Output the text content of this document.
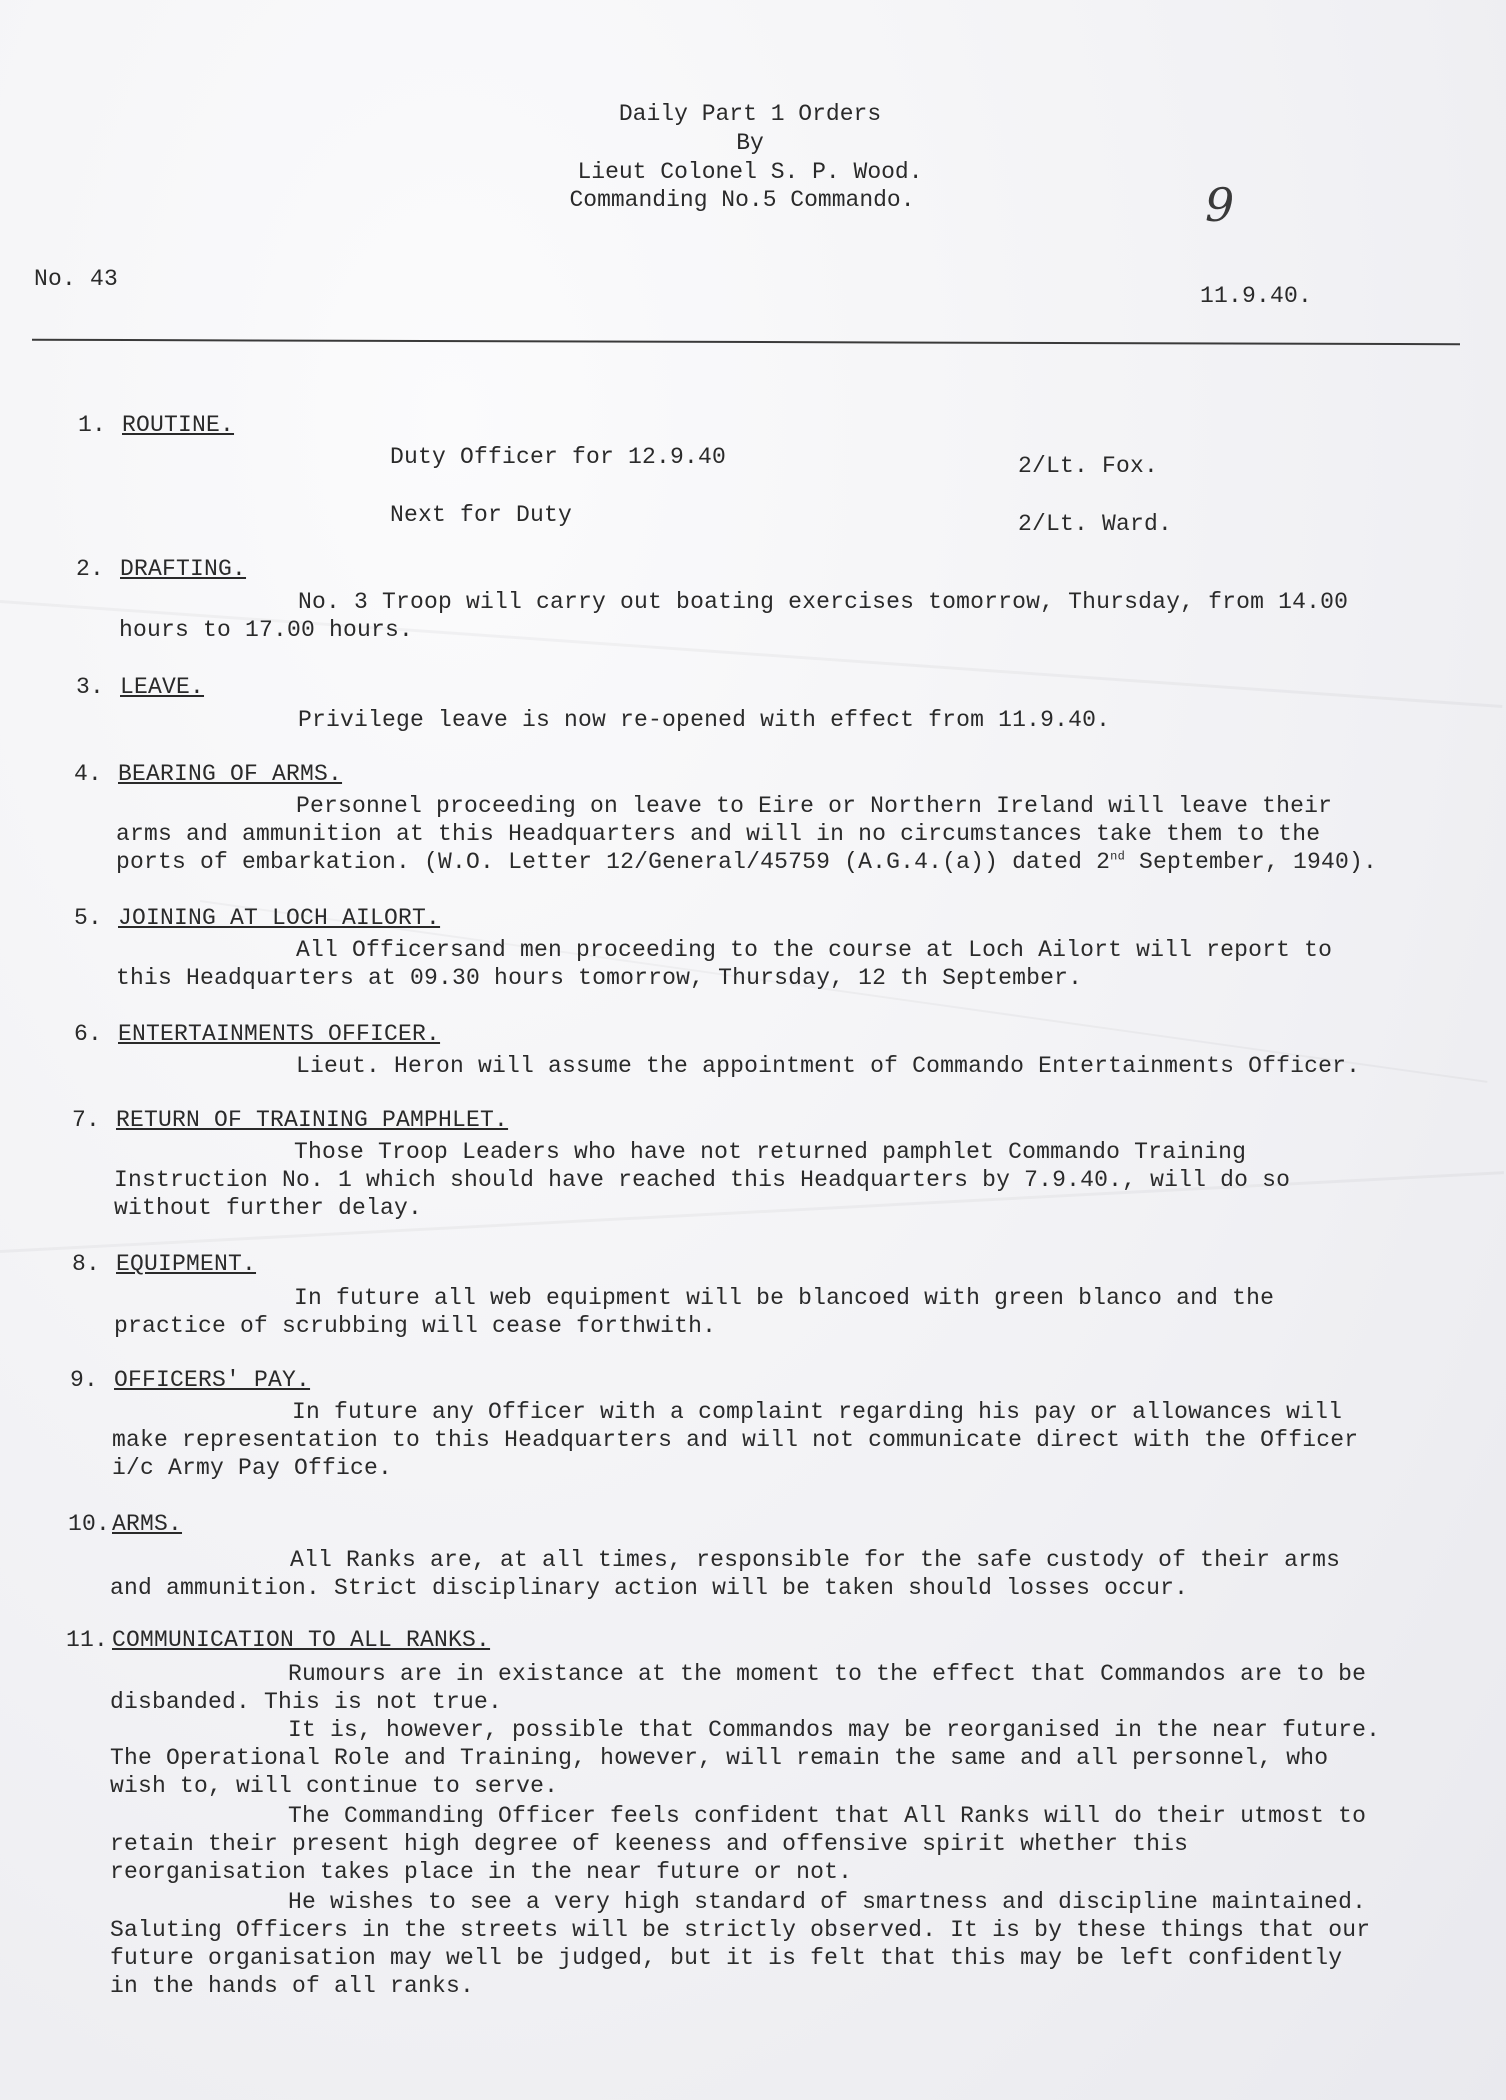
Daily Part 1 Orders
By
Lieut Colonel S. P. Wood.
Commanding No.5 Commando.	9
No. 43
11.9.40.
1. ROUTINE.
Duty Officer for 12.9.40	2/Lt. Fox.
Next for Duty	2/Lt. Ward.
2. DRAFTING.
No. 3 Troop will carry out boating exercises tomorrow, Thursday, from 14.00
hours to 17.00 hours.
3. LEAVE.
Privilege leave is now re-opened with effect from 11.9.40.
4. BEARING OF ARMS.
Personnel proceeding on leave to Eire or Northern Ireland will leave their
arms and ammunition at this Headquarters and will in no circumstances take them to the
ports of embarkation. (W.O. Letter 12/General/45759 (A.G.4.(a)) dated 2nd September, 1940).
5. JOINING AT LOCH AILORT.
All Officersand men proceeding to the course at Loch Ailort will report to
this Headquarters at 09.30 hours tomorrow, Thursday, 12 th September.
6. ENTERTAINMENTS OFFICER.
Lieut. Heron will assume the appointment of Commando Entertainments Officer.
7. RETURN OF TRAINING PAMPHLET.
Those Troop Leaders who have not returned pamphlet Commando Training
Instruction No. 1 which should have reached this Headquarters by 7.9.40., will do so
without further delay.
8. EQUIPMENT.
In future all web equipment will be blancoed with green blanco and the
practice of scrubbing will cease forthwith.
9. OFFICERS' PAY.
In future any Officer with a complaint regarding his pay or allowances will
make representation to this Headquarters and will not communicate direct with the Officer
i/c Army Pay Office.
10. ARMS.
All Ranks are, at all times, responsible for the safe custody of their arms
and ammunition. Strict disciplinary action will be taken should losses occur.
11. COMMUNICATION TO ALL RANKS.
Rumours are in existance at the moment to the effect that Commandos are to be
disbanded. This is not true.
It is, however, possible that Commandos may be reorganised in the near future.
The Operational Role and Training, however, will remain the same and all personnel, who
wish to, will continue to serve.
The Commanding Officer feels confident that All Ranks will do their utmost to
retain their present high degree of keeness and offensive spirit whether this
reorganisation takes place in the near future or not.
He wishes to see a very high standard of smartness and discipline maintained.
Saluting Officers in the streets will be strictly observed. It is by these things that our
future organisation may well be judged, but it is felt that this may be left confidently
in the hands of all ranks.
